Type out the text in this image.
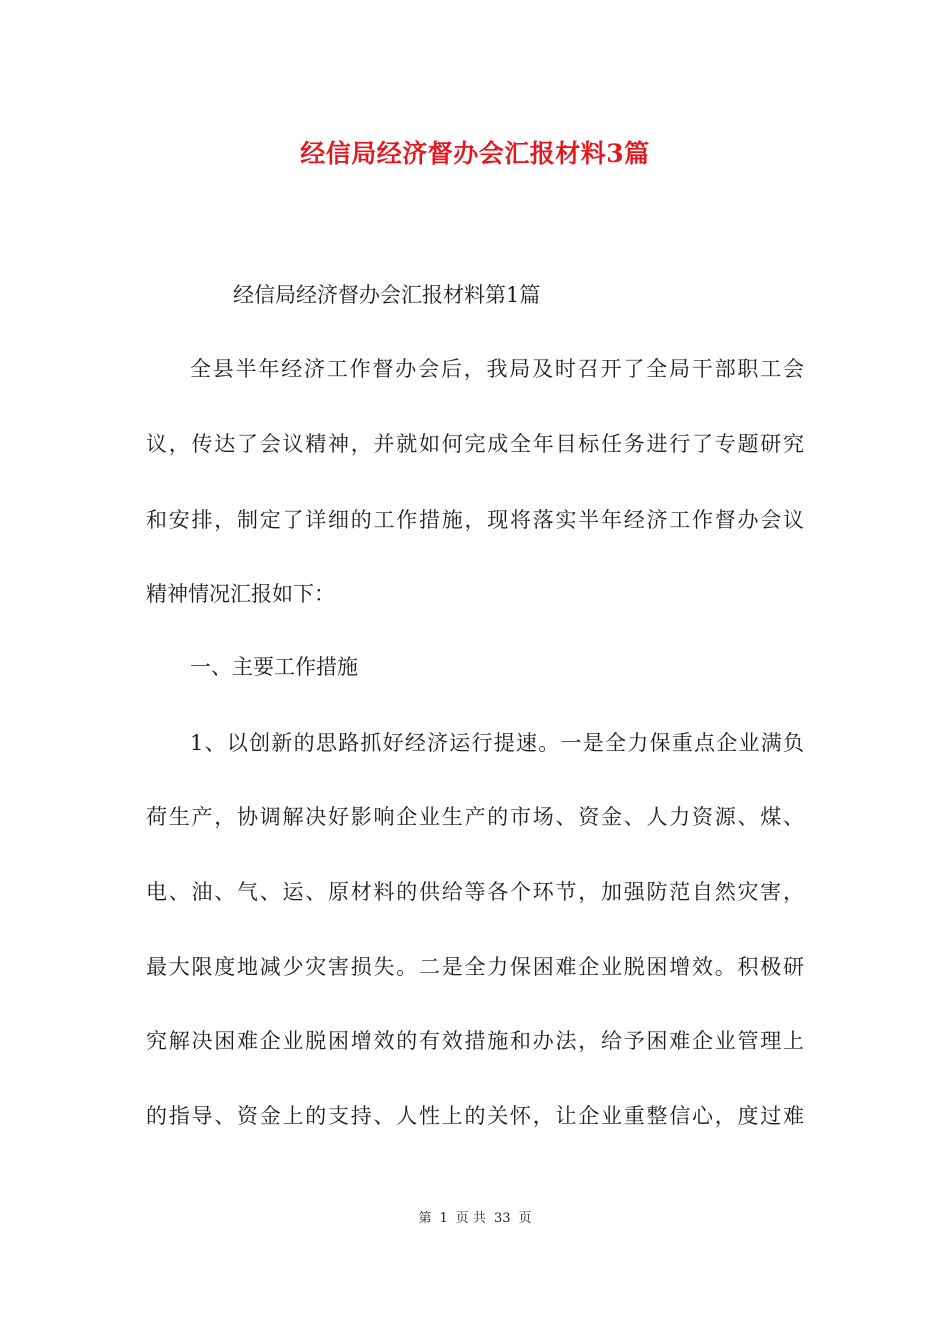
经信局经济督办会汇报材料3篇
经信局经济督办会汇报材料第1篇
全县半年经济工作督办会后，我局及时召开了全局干部职工会
议，传达了会议精神，并就如何完成全年目标任务进行了专题研究
和安排，制定了详细的工作措施，现将落实半年经济工作督办会议
精神情况汇报如下：
一、主要工作措施
1、以创新的思路抓好经济运行提速。一是全力保重点企业满负
荷生产，协调解决好影响企业生产的市场、资金、人力资源、煤、
电、油、气、运、原材料的供给等各个环节，加强防范自然灾害，
最大限度地减少灾害损失。二是全力保困难企业脱困增效。积极研
究解决困难企业脱困增效的有效措施和办法，给予困难企业管理上
的指导、资金上的支持、人性上的关怀，让企业重整信心，度过难
第 1 页 共 33 页
